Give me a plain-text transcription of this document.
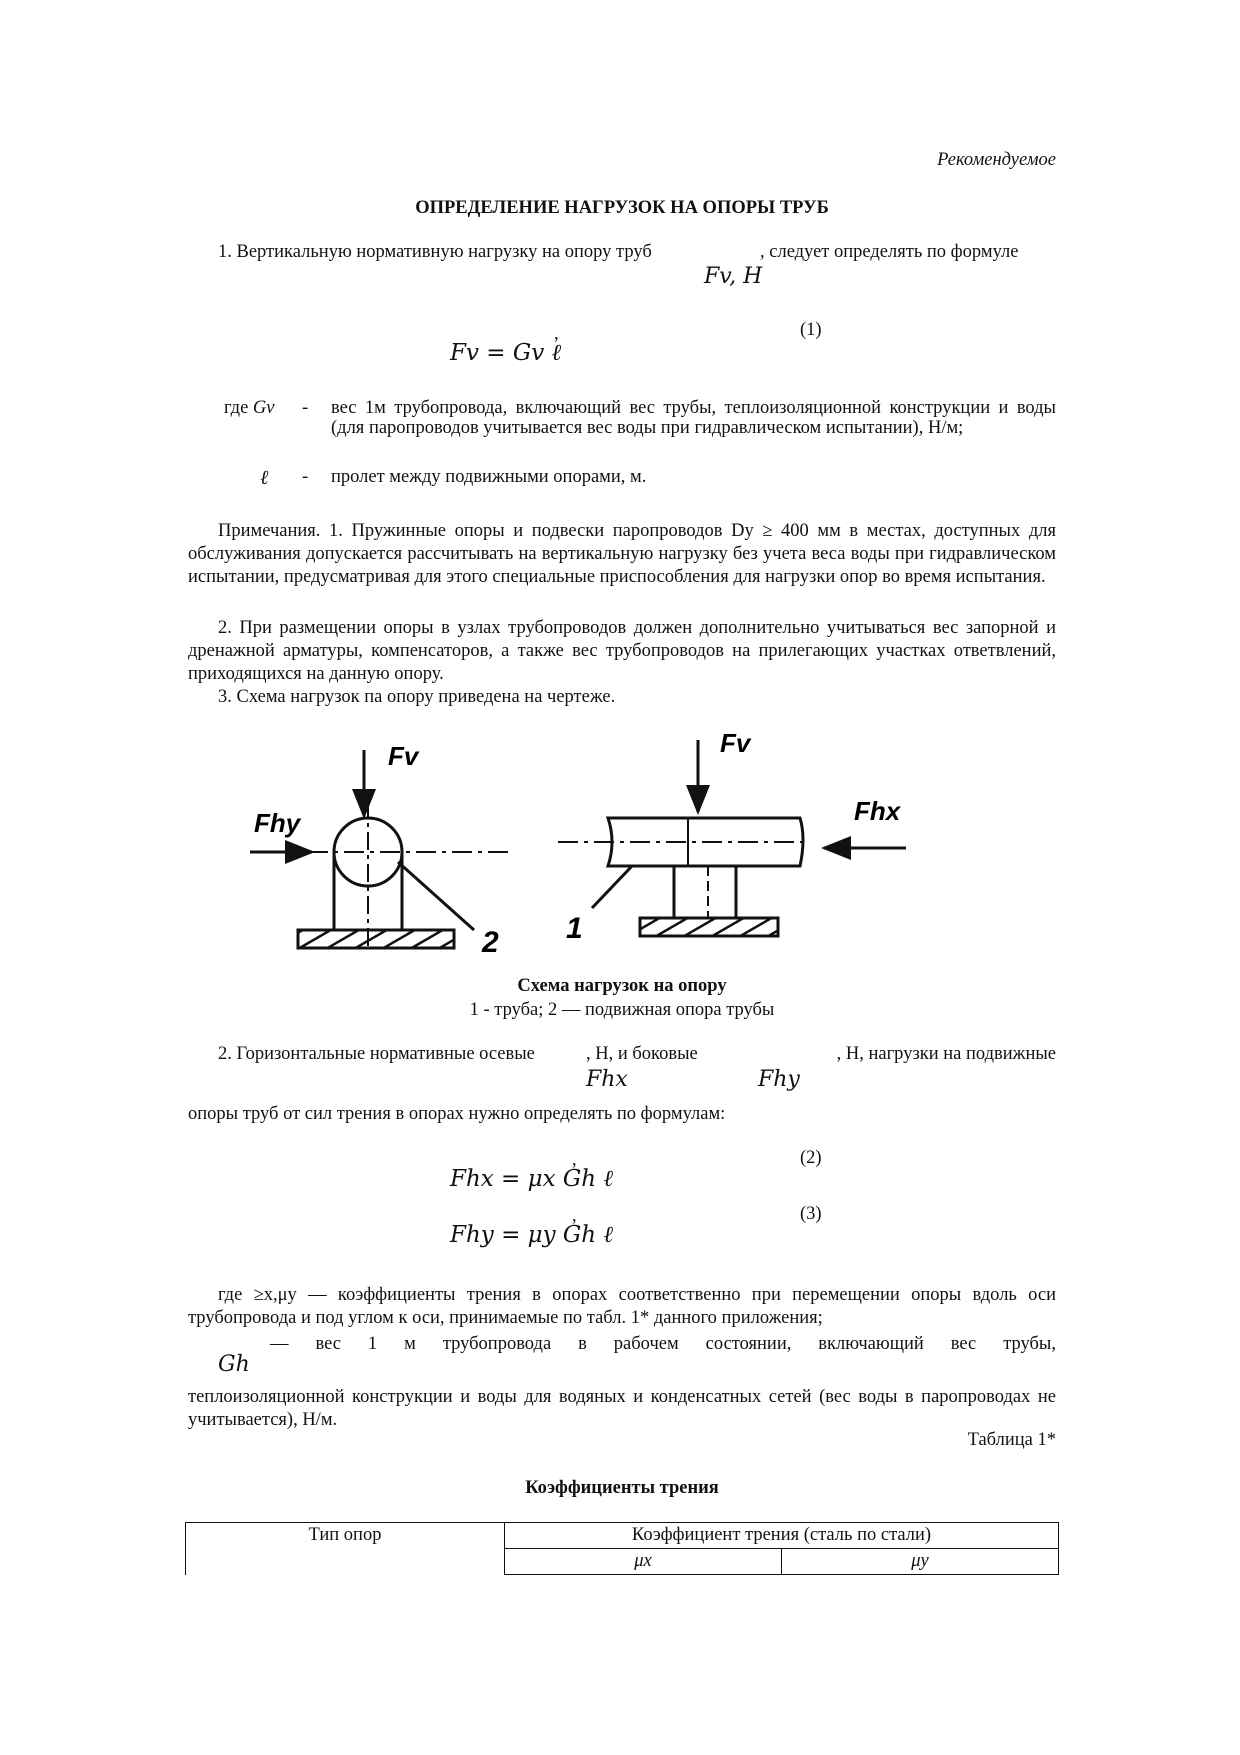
Рекомендуемое
ОПРЕДЕЛЕНИЕ НАГРУЗОК НА ОПОРЫ ТРУБ
1. Вертикальную нормативную нагрузку на опору труб	, следует определять по формуле
Fv, Н
Fv = Gv ℓ
,	(1)
где Gv - вес 1м трубопровода, включающий вес трубы, теплоизоляционной конструкции и воды (для паропроводов учитывается вес воды при гидравлическом испытании), Н/м;
ℓ - пролет между подвижными опорами, м.
Примечания. 1. Пружинные опоры и подвески паропроводов Dy ≥ 400 мм в местах, доступных для обслуживания допускается рассчитывать на вертикальную нагрузку без учета веса воды при гидравлическом испытании, предусматривая для этого специальные приспособления для нагрузки опор во время испытания.
2. При размещении опоры в узлах трубопроводов должен дополнительно учитываться вес запорной и дренажной арматуры, компенсаторов, а также вес трубопроводов на прилегающих участках ответвлений, приходящихся на данную опору.
3. Схема нагрузок па опору приведена на чертеже.
Fv
Fhy
2
Fv
Fhx
1
Схема нагрузок на опору
1 - труба; 2 — подвижная опора трубы
2. Горизонтальные нормативные осевые	, Н, и боковые	, Н, нагрузки на подвижные
Fhx	Fhy
опоры труб от сил трения в опорах нужно определять по формулам:
Fhx = μx Gh ℓ
,	(2)
Fhy = μy Gh ℓ
,	(3)
где ≥x,μy — коэффициенты трения в опорах соответственно при перемещении опоры вдоль оси трубопровода и под углом к оси, принимаемые по табл. 1* данного приложения;
Gh
— вес 1 м трубопровода в рабочем состоянии, включающий вес трубы,
теплоизоляционной конструкции и воды для водяных и конденсатных сетей (вес воды в паропроводах не учитывается), Н/м.
Таблица 1*
Коэффициенты трения
Тип опор	Коэффициент трения (сталь по стали)	
	μx	μy
